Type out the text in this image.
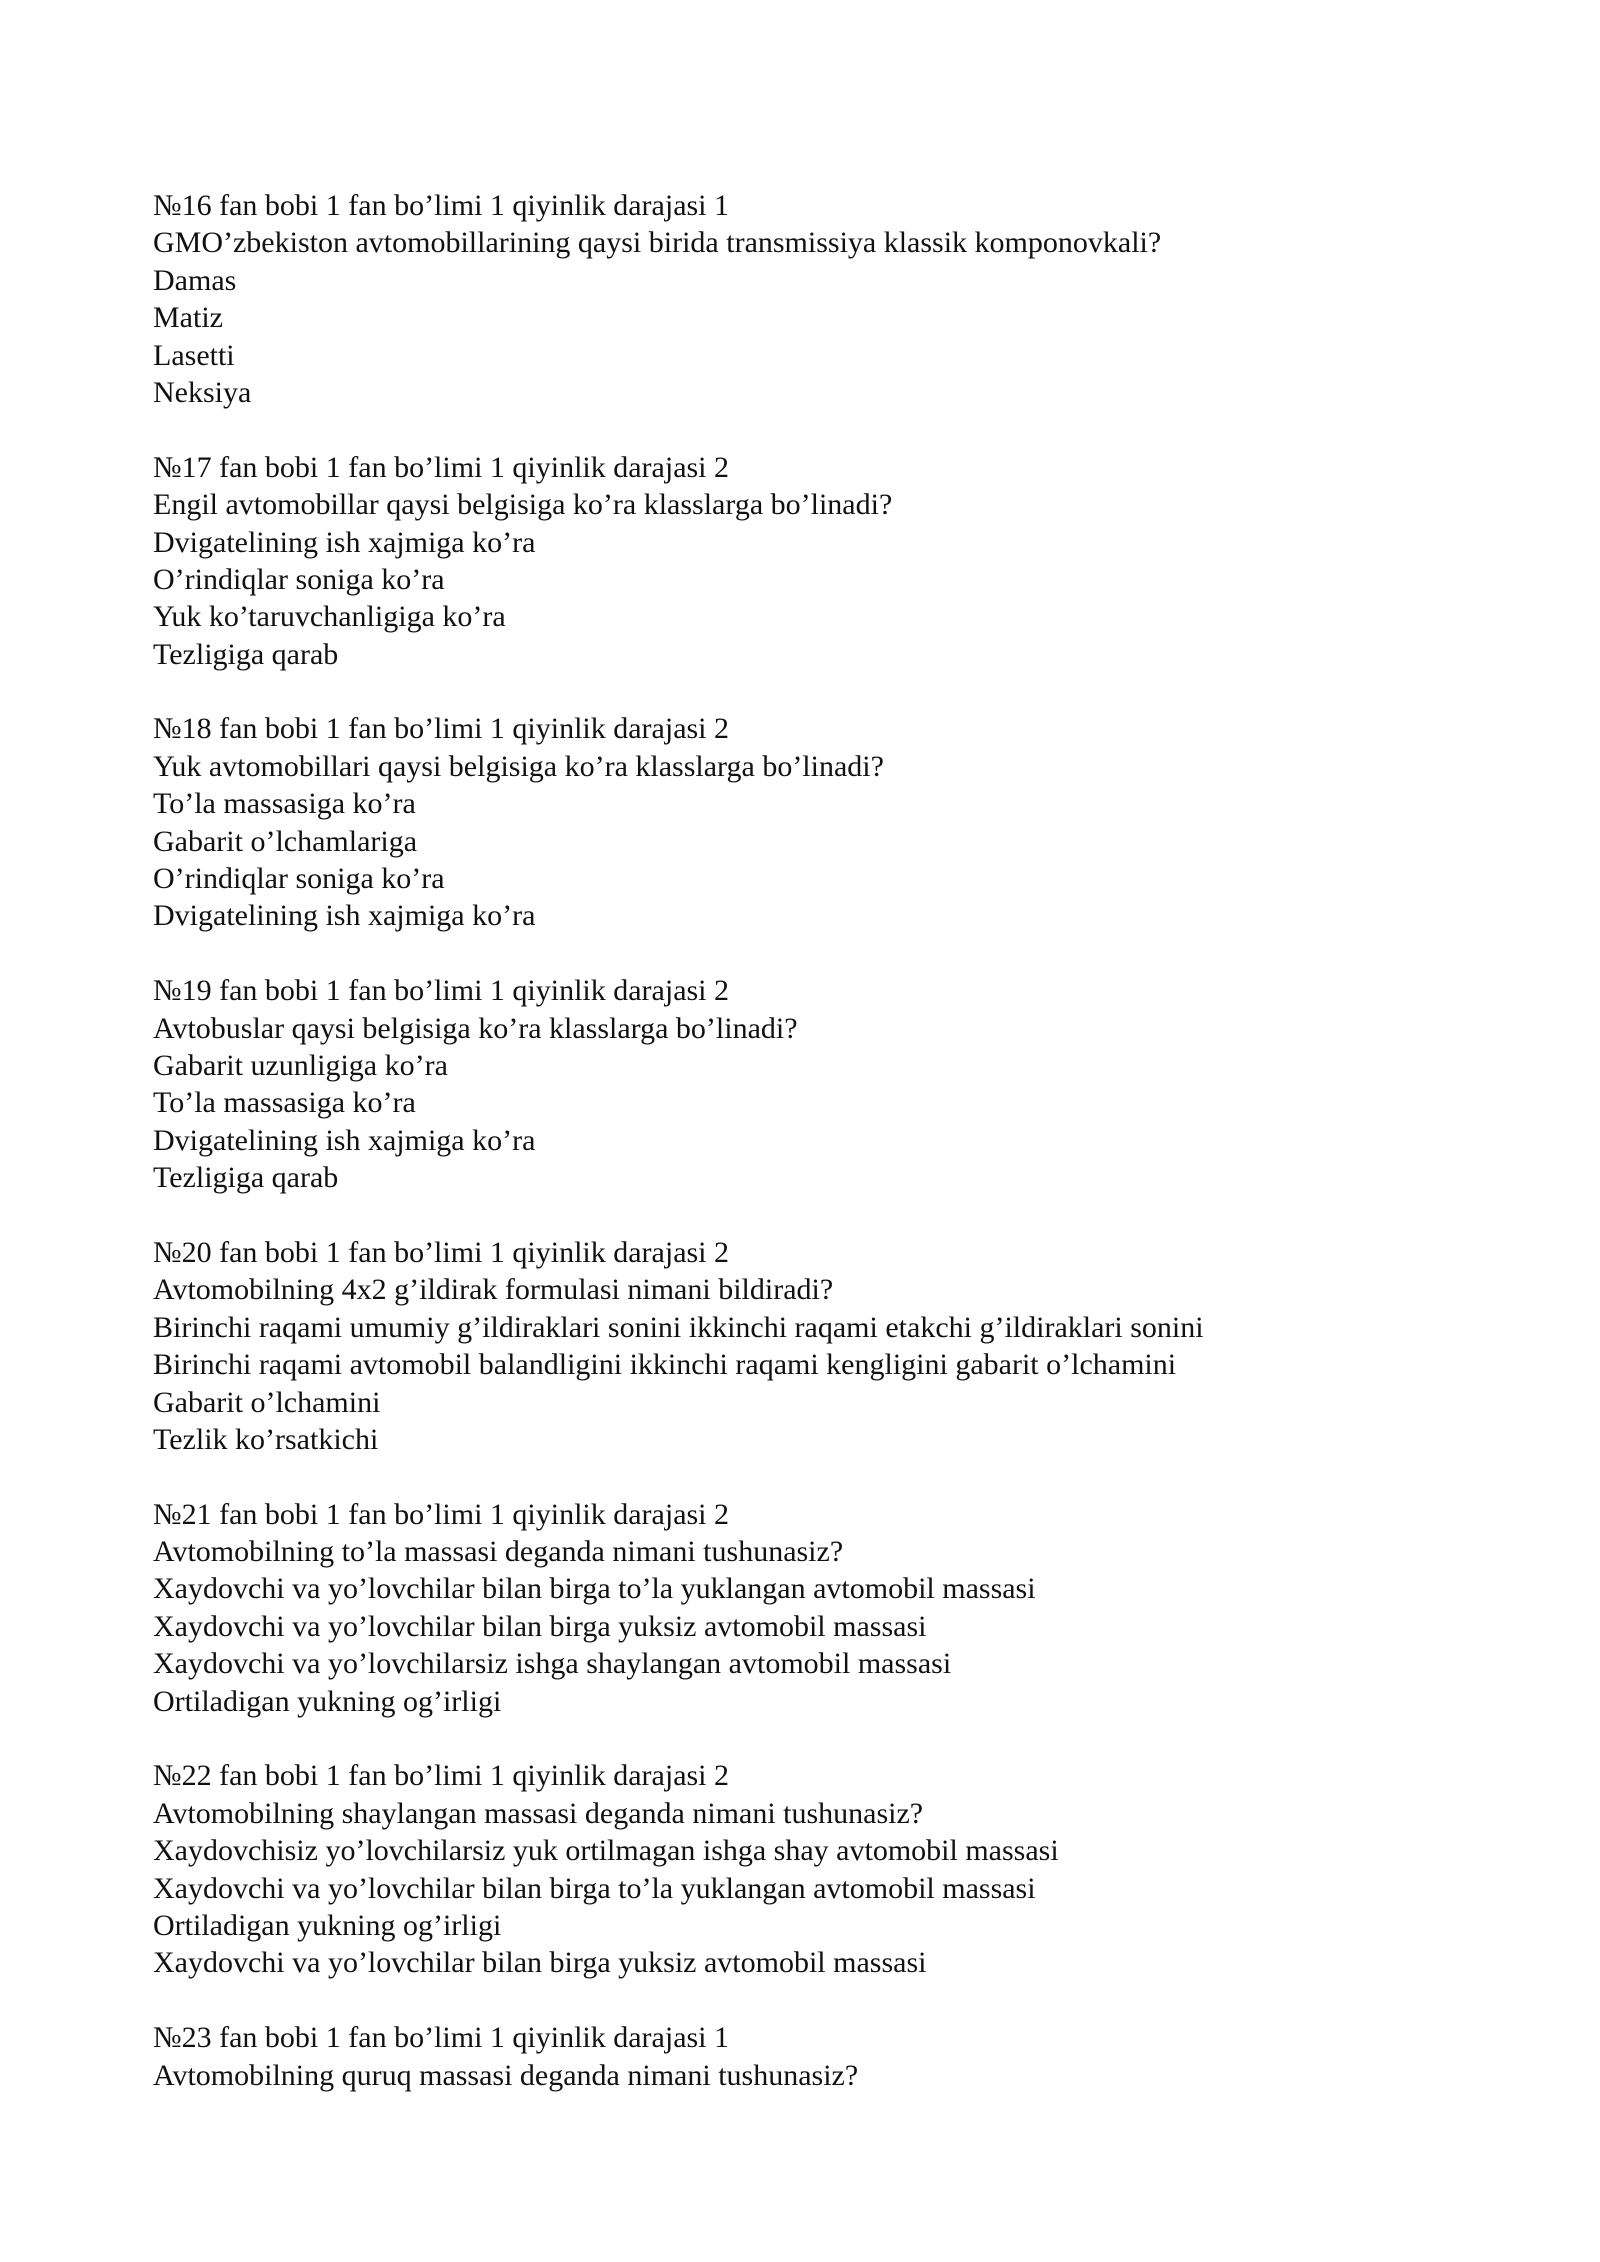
№16 fan bobi 1 fan bo’limi 1 qiyinlik darajasi 1
GMO’zbekiston avtomobillarining qaysi birida transmissiya klassik komponovkali?
Damas
Matiz
Lasetti
Neksiya
№17 fan bobi 1 fan bo’limi 1 qiyinlik darajasi 2
Engil avtomobillar qaysi belgisiga ko’ra klasslarga bo’linadi?
Dvigatelining ish xajmiga ko’ra
O’rindiqlar soniga ko’ra
Yuk ko’taruvchanligiga ko’ra
Tezligiga qarab
№18 fan bobi 1 fan bo’limi 1 qiyinlik darajasi 2
Yuk avtomobillari qaysi belgisiga ko’ra klasslarga bo’linadi?
To’la massasiga ko’ra
Gabarit o’lchamlariga
O’rindiqlar soniga ko’ra
Dvigatelining ish xajmiga ko’ra
№19 fan bobi 1 fan bo’limi 1 qiyinlik darajasi 2
Avtobuslar qaysi belgisiga ko’ra klasslarga bo’linadi?
Gabarit uzunligiga ko’ra
To’la massasiga ko’ra
Dvigatelining ish xajmiga ko’ra
Tezligiga qarab
№20 fan bobi 1 fan bo’limi 1 qiyinlik darajasi 2
Avtomobilning 4x2 g’ildirak formulasi nimani bildiradi?
Birinchi raqami umumiy g’ildiraklari sonini ikkinchi raqami etakchi g’ildiraklari sonini
Birinchi raqami avtomobil balandligini ikkinchi raqami kengligini gabarit o’lchamini
Gabarit o’lchamini
Tezlik ko’rsatkichi
№21 fan bobi 1 fan bo’limi 1 qiyinlik darajasi 2
Avtomobilning to’la massasi deganda nimani tushunasiz?
Xaydovchi va yo’lovchilar bilan birga to’la yuklangan avtomobil massasi
Xaydovchi va yo’lovchilar bilan birga yuksiz avtomobil massasi
Xaydovchi va yo’lovchilarsiz ishga shaylangan avtomobil massasi
Ortiladigan yukning og’irligi
№22 fan bobi 1 fan bo’limi 1 qiyinlik darajasi 2
Avtomobilning shaylangan massasi deganda nimani tushunasiz?
Xaydovchisiz yo’lovchilarsiz yuk ortilmagan ishga shay avtomobil massasi
Xaydovchi va yo’lovchilar bilan birga to’la yuklangan avtomobil massasi
Ortiladigan yukning og’irligi
Xaydovchi va yo’lovchilar bilan birga yuksiz avtomobil massasi
№23 fan bobi 1 fan bo’limi 1 qiyinlik darajasi 1
Avtomobilning quruq massasi deganda nimani tushunasiz?
